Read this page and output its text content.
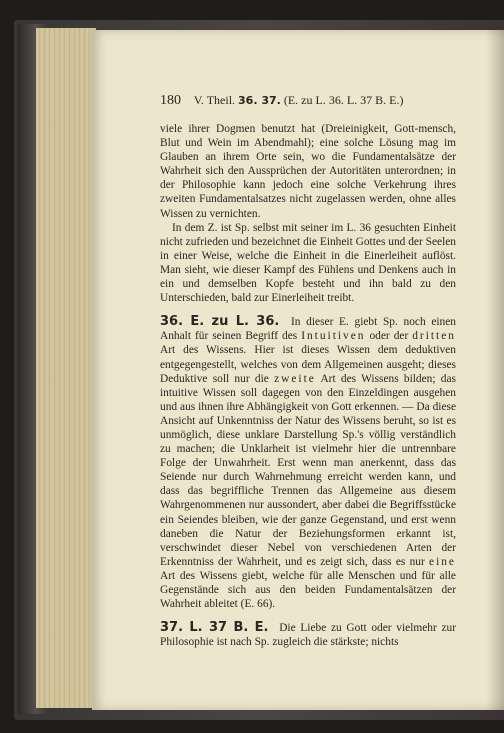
180 V. Theil. 36. 37. (E. zu L. 36. L. 37 B. E.)

viele ihrer Dogmen benutzt hat (Dreieinigkeit, Gott-mensch, Blut und Wein im Abendmahl); eine solche Lösung mag im Glauben an ihrem Orte sein, wo die Fundamentalsätze der Wahrheit sich den Aussprüchen der Autoritäten unterordnen; in der Philosophie kann jedoch eine solche Verkehrung ihres zweiten Fundamentalsatzes nicht zugelassen werden, ohne alles Wissen zu vernichten.

In dem Z. ist Sp. selbst mit seiner im L. 36 gesuchten Einheit nicht zufrieden und bezeichnet die Einheit Gottes und der Seelen in einer Weise, welche die Einheit in die Einerleiheit auflöst. Man sieht, wie dieser Kampf des Fühlens und Denkens auch in ein und demselben Kopfe besteht und ihn bald zu den Unterschieden, bald zur Einerleiheit treibt.

36. E. zu L. 36. In dieser E. giebt Sp. noch einen Anhalt für seinen Begriff des Intuitiven oder der dritten Art des Wissens. Hier ist dieses Wissen dem deduktiven entgegengestellt, welches von dem Allgemeinen ausgeht; dieses Deduktive soll nur die zweite Art des Wissens bilden; das intuitive Wissen soll dagegen von den Einzeldingen ausgehen und aus ihnen ihre Abhängigkeit von Gott erkennen. — Da diese Ansicht auf Unkenntniss der Natur des Wissens beruht, so ist es unmöglich, diese unklare Darstellung Sp.'s völlig verständlich zu machen; die Unklarheit ist vielmehr hier die untrennbare Folge der Unwahrheit. Erst wenn man anerkennt, dass das Seiende nur durch Wahrnehmung erreicht werden kann, und dass das begriffliche Trennen das Allgemeine aus diesem Wahrgenommenen nur aussondert, aber dabei die Begriffsstücke ein Seiendes bleiben, wie der ganze Gegenstand, und erst wenn daneben die Natur der Beziehungsformen erkannt ist, verschwindet dieser Nebel von verschiedenen Arten der Erkenntniss der Wahrheit, und es zeigt sich, dass es nur eine Art des Wissens giebt, welche für alle Menschen und für alle Gegenstände sich aus den beiden Fundamentalsätzen der Wahrheit ableitet (E. 66).

37. L. 37 B. E. Die Liebe zu Gott oder vielmehr zur Philosophie ist nach Sp. zugleich die stärkste; nichts
